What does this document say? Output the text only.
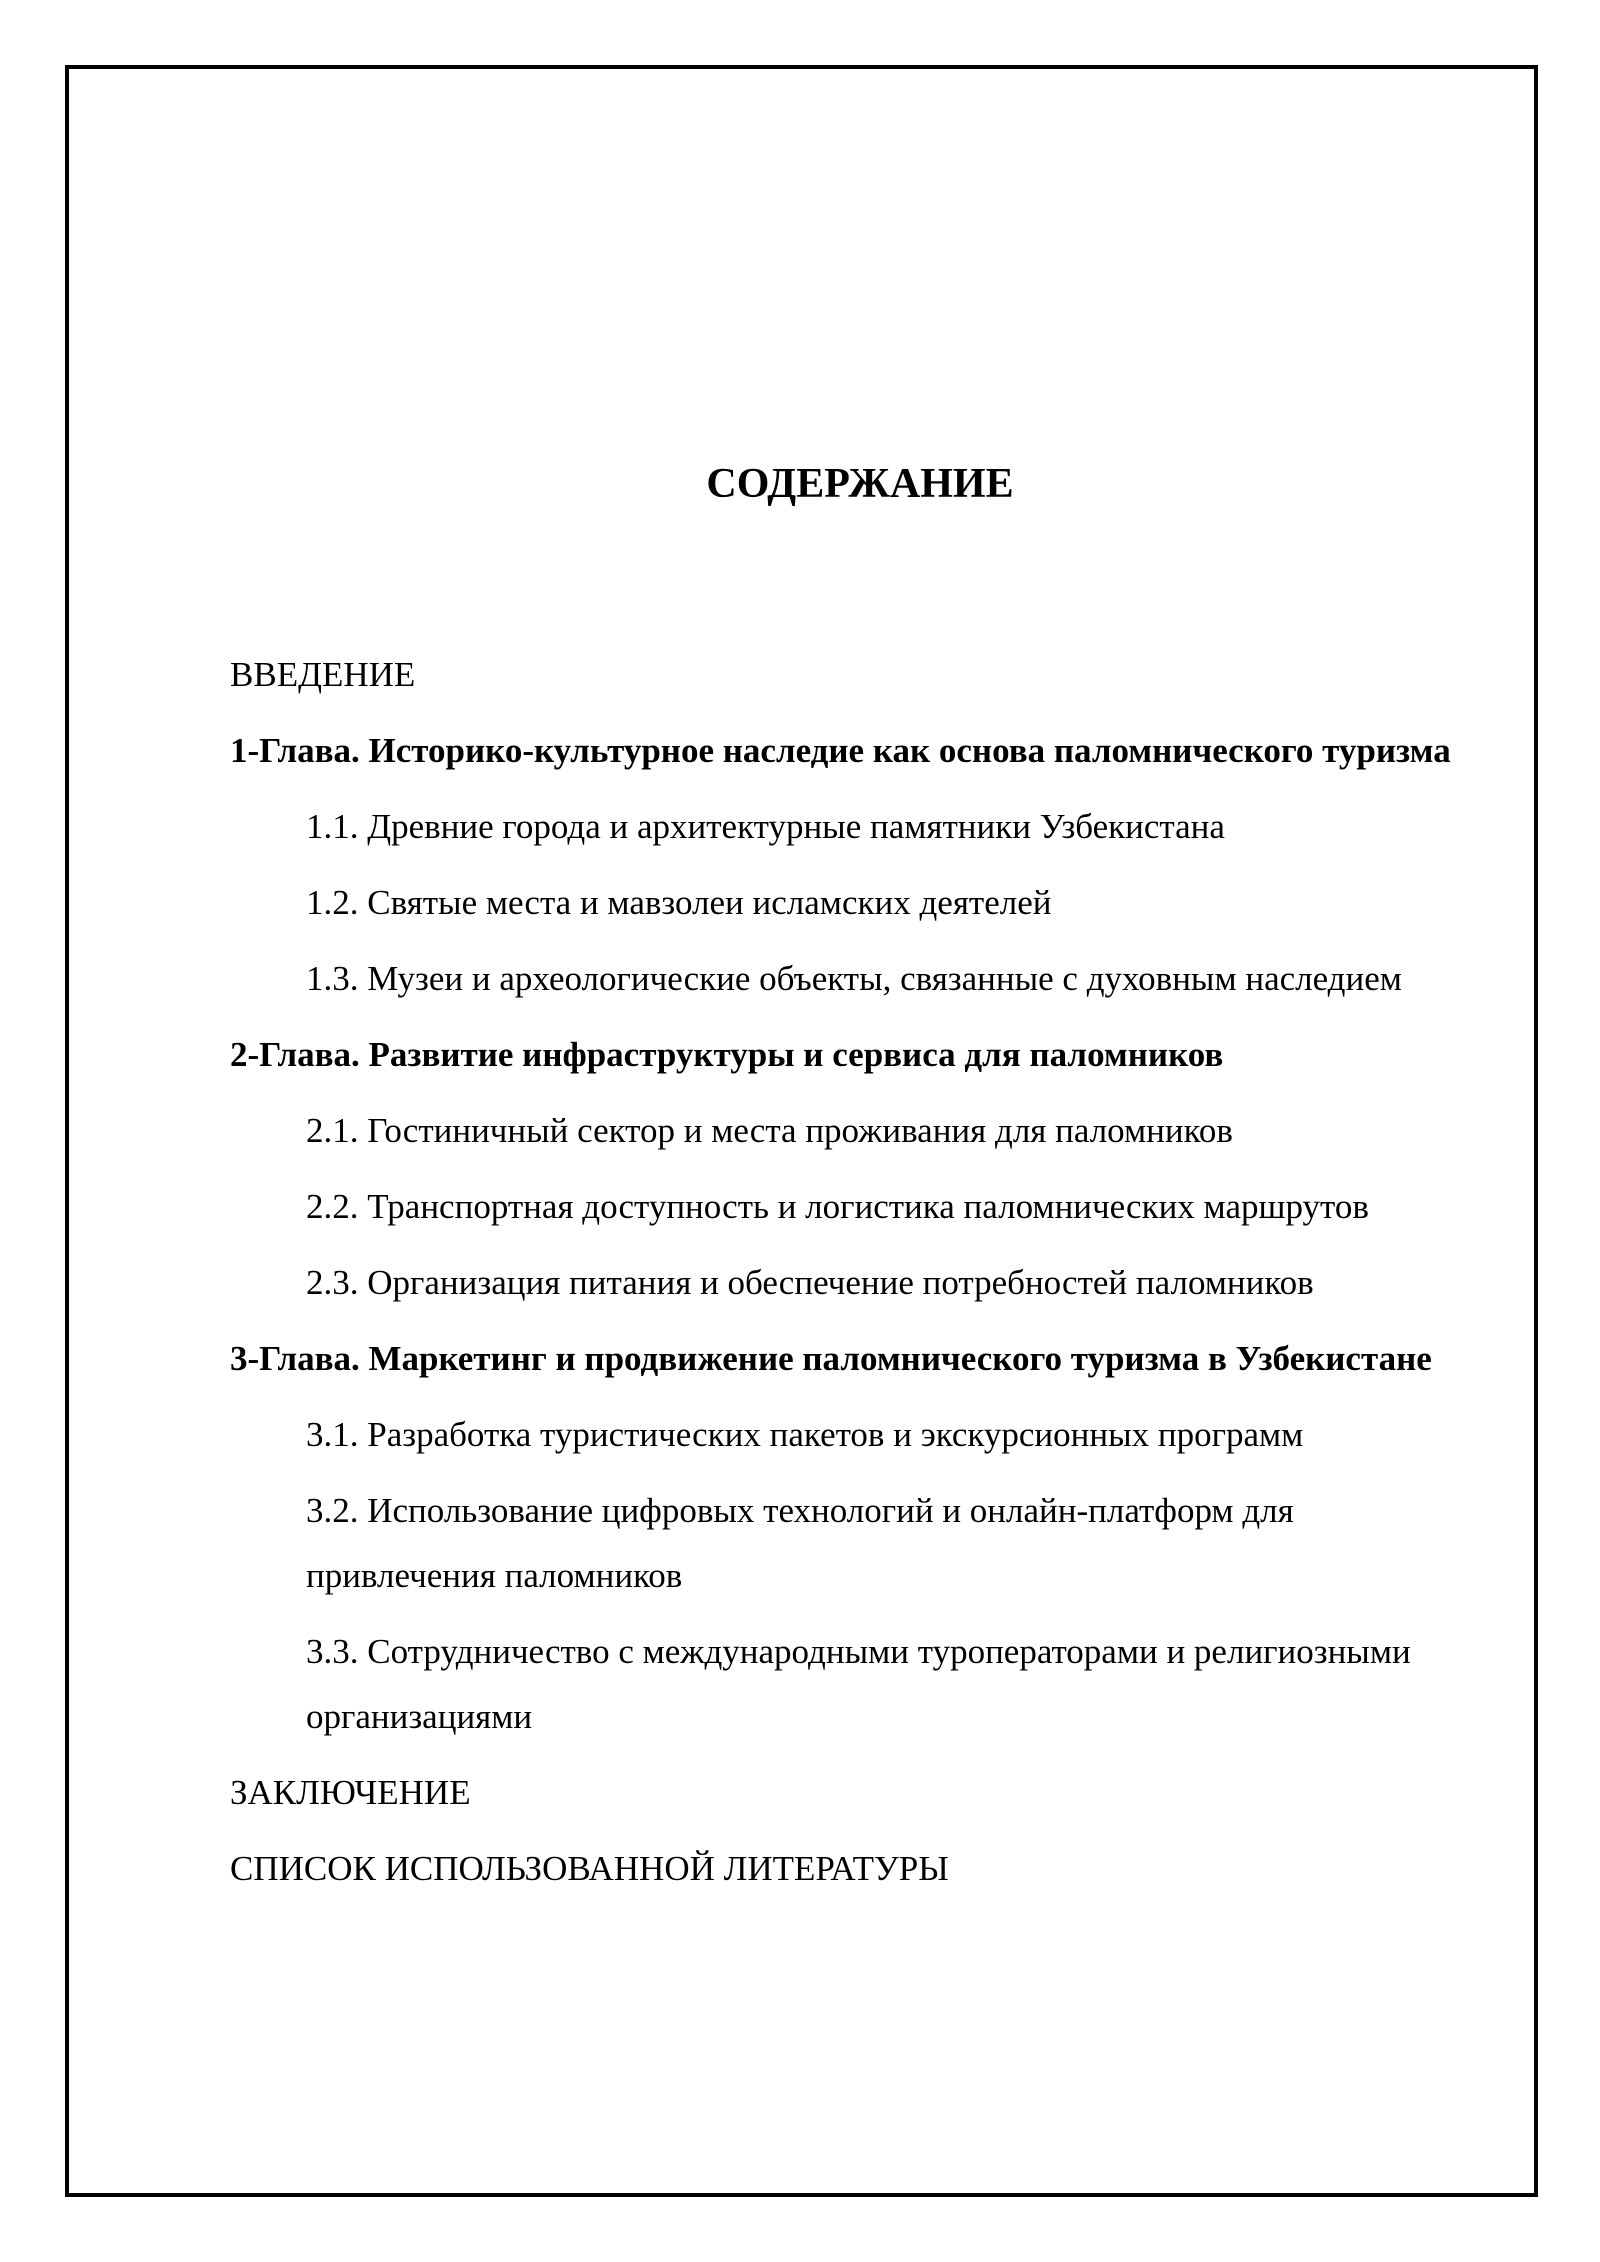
СОДЕРЖАНИЕ
ВВЕДЕНИЕ
1-Глава. Историко-культурное наследие как основа паломнического туризма
1.1. Древние города и архитектурные памятники Узбекистана
1.2. Святые места и мавзолеи исламских деятелей
1.3. Музеи и археологические объекты, связанные с духовным наследием
2-Глава. Развитие инфраструктуры и сервиса для паломников
2.1. Гостиничный сектор и места проживания для паломников
2.2. Транспортная доступность и логистика паломнических маршрутов
2.3. Организация питания и обеспечение потребностей паломников
3-Глава. Маркетинг и продвижение паломнического туризма в Узбекистане
3.1. Разработка туристических пакетов и экскурсионных программ
3.2. Использование цифровых технологий и онлайн-платформ для привлечения паломников
3.3. Сотрудничество с международными туроператорами и религиозными организациями
ЗАКЛЮЧЕНИЕ
СПИСОК ИСПОЛЬЗОВАННОЙ ЛИТЕРАТУРЫ
